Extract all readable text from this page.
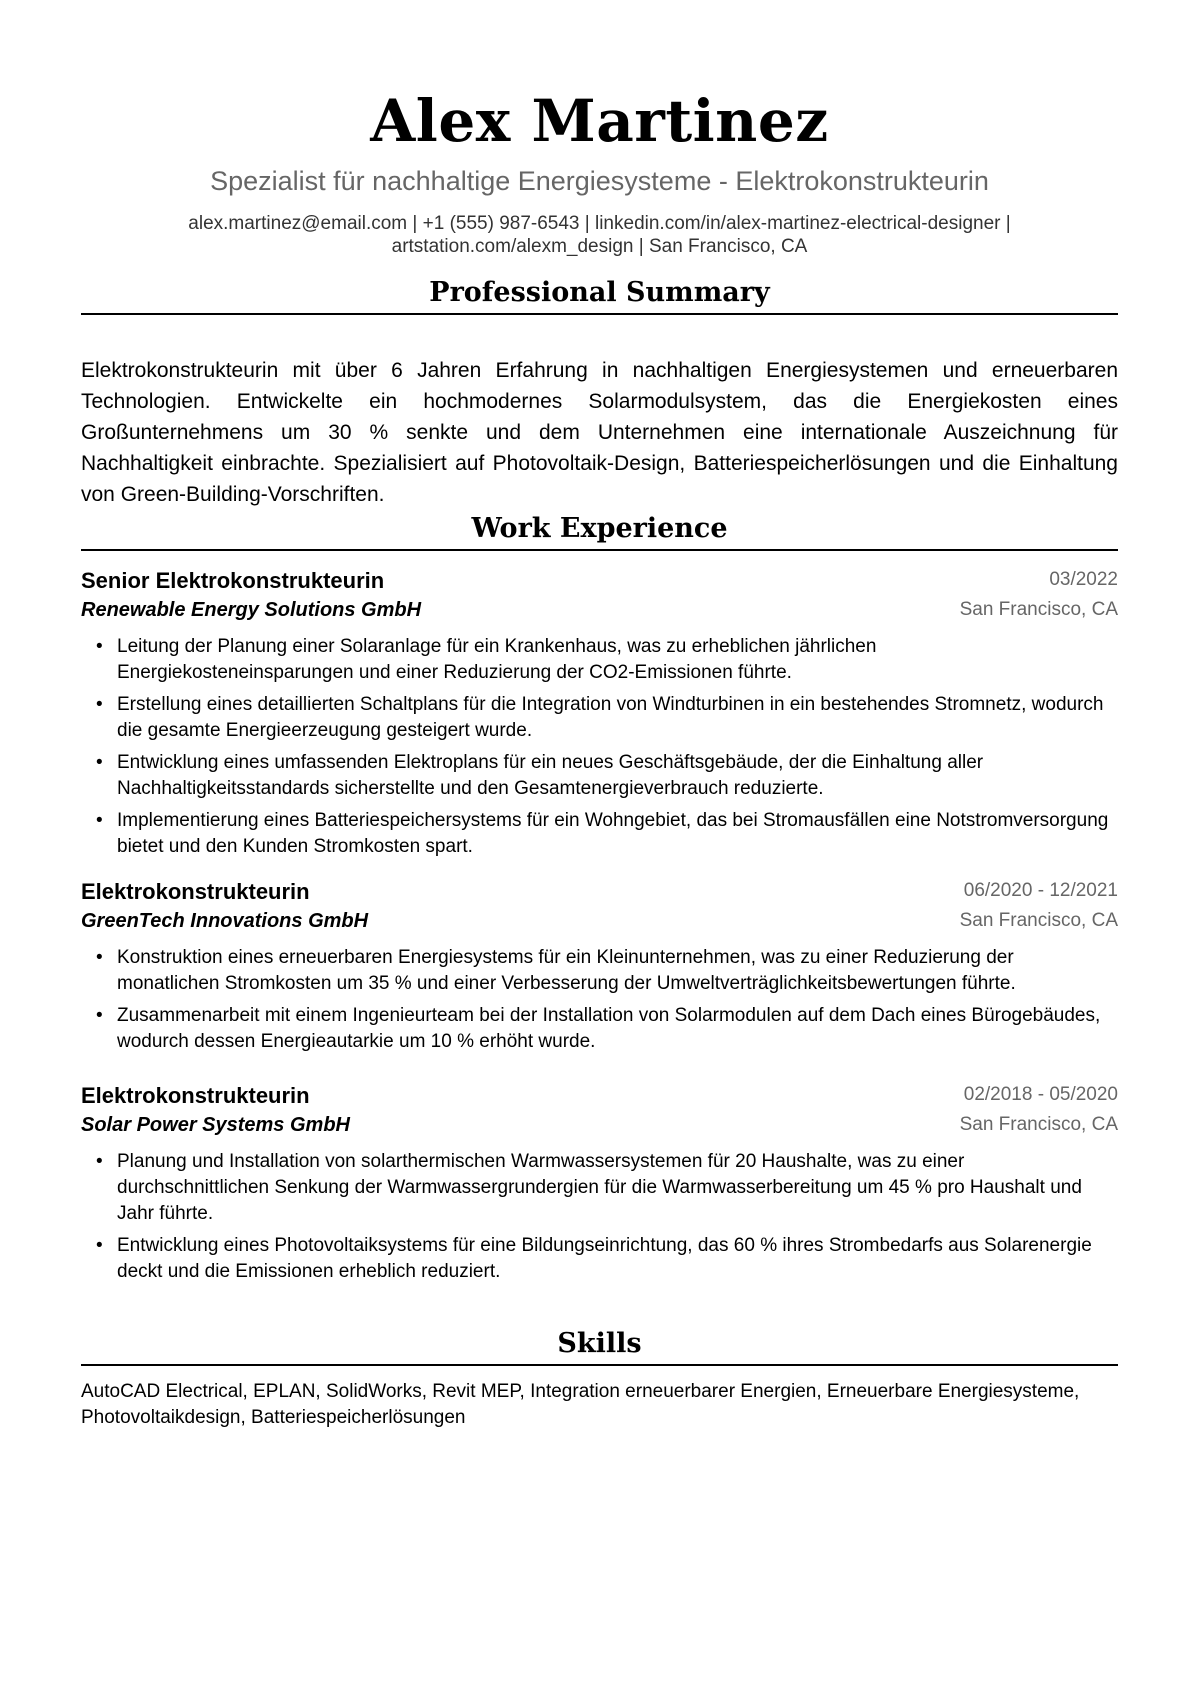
Alex Martinez
Spezialist für nachhaltige Energiesysteme - Elektrokonstrukteurin
alex.martinez@email.com | +1 (555) 987-6543 | linkedin.com/in/alex-martinez-electrical-designer |
artstation.com/alexm_design | San Francisco, CA
Professional Summary
Elektrokonstrukteurin mit über 6 Jahren Erfahrung in nachhaltigen Energiesystemen und erneuerbaren Technologien. Entwickelte ein hochmodernes Solarmodulsystem, das die Energiekosten eines Großunternehmens um 30 % senkte und dem Unternehmen eine internationale Auszeichnung für Nachhaltigkeit einbrachte. Spezialisiert auf Photovoltaik-Design, Batteriespeicherlösungen und die Einhaltung von Green-Building-Vorschriften.
Work Experience
Senior Elektrokonstrukteurin	03/2022
Renewable Energy Solutions GmbH	San Francisco, CA
• Leitung der Planung einer Solaranlage für ein Krankenhaus, was zu erheblichen jährlichen Energiekosteneinsparungen und einer Reduzierung der CO2-Emissionen führte.
• Erstellung eines detaillierten Schaltplans für die Integration von Windturbinen in ein bestehendes Stromnetz, wodurch die gesamte Energieerzeugung gesteigert wurde.
• Entwicklung eines umfassenden Elektroplans für ein neues Geschäftsgebäude, der die Einhaltung aller Nachhaltigkeitsstandards sicherstellte und den Gesamtenergieverbrauch reduzierte.
• Implementierung eines Batteriespeichersystems für ein Wohngebiet, das bei Stromausfällen eine Notstromversorgung bietet und den Kunden Stromkosten spart.
Elektrokonstrukteurin	06/2020 - 12/2021
GreenTech Innovations GmbH	San Francisco, CA
• Konstruktion eines erneuerbaren Energiesystems für ein Kleinunternehmen, was zu einer Reduzierung der monatlichen Stromkosten um 35 % und einer Verbesserung der Umweltverträglichkeitsbewertungen führte.
• Zusammenarbeit mit einem Ingenieurteam bei der Installation von Solarmodulen auf dem Dach eines Bürogebäudes, wodurch dessen Energieautarkie um 10 % erhöht wurde.
Elektrokonstrukteurin	02/2018 - 05/2020
Solar Power Systems GmbH	San Francisco, CA
• Planung und Installation von solarthermischen Warmwassersystemen für 20 Haushalte, was zu einer durchschnittlichen Senkung der Warmwassergrundergien für die Warmwasserbereitung um 45 % pro Haushalt und Jahr führte.
• Entwicklung eines Photovoltaiksystems für eine Bildungseinrichtung, das 60 % ihres Strombedarfs aus Solarenergie deckt und die Emissionen erheblich reduziert.
Skills
AutoCAD Electrical, EPLAN, SolidWorks, Revit MEP, Integration erneuerbarer Energien, Erneuerbare Energiesysteme, Photovoltaikdesign, Batteriespeicherlösungen
